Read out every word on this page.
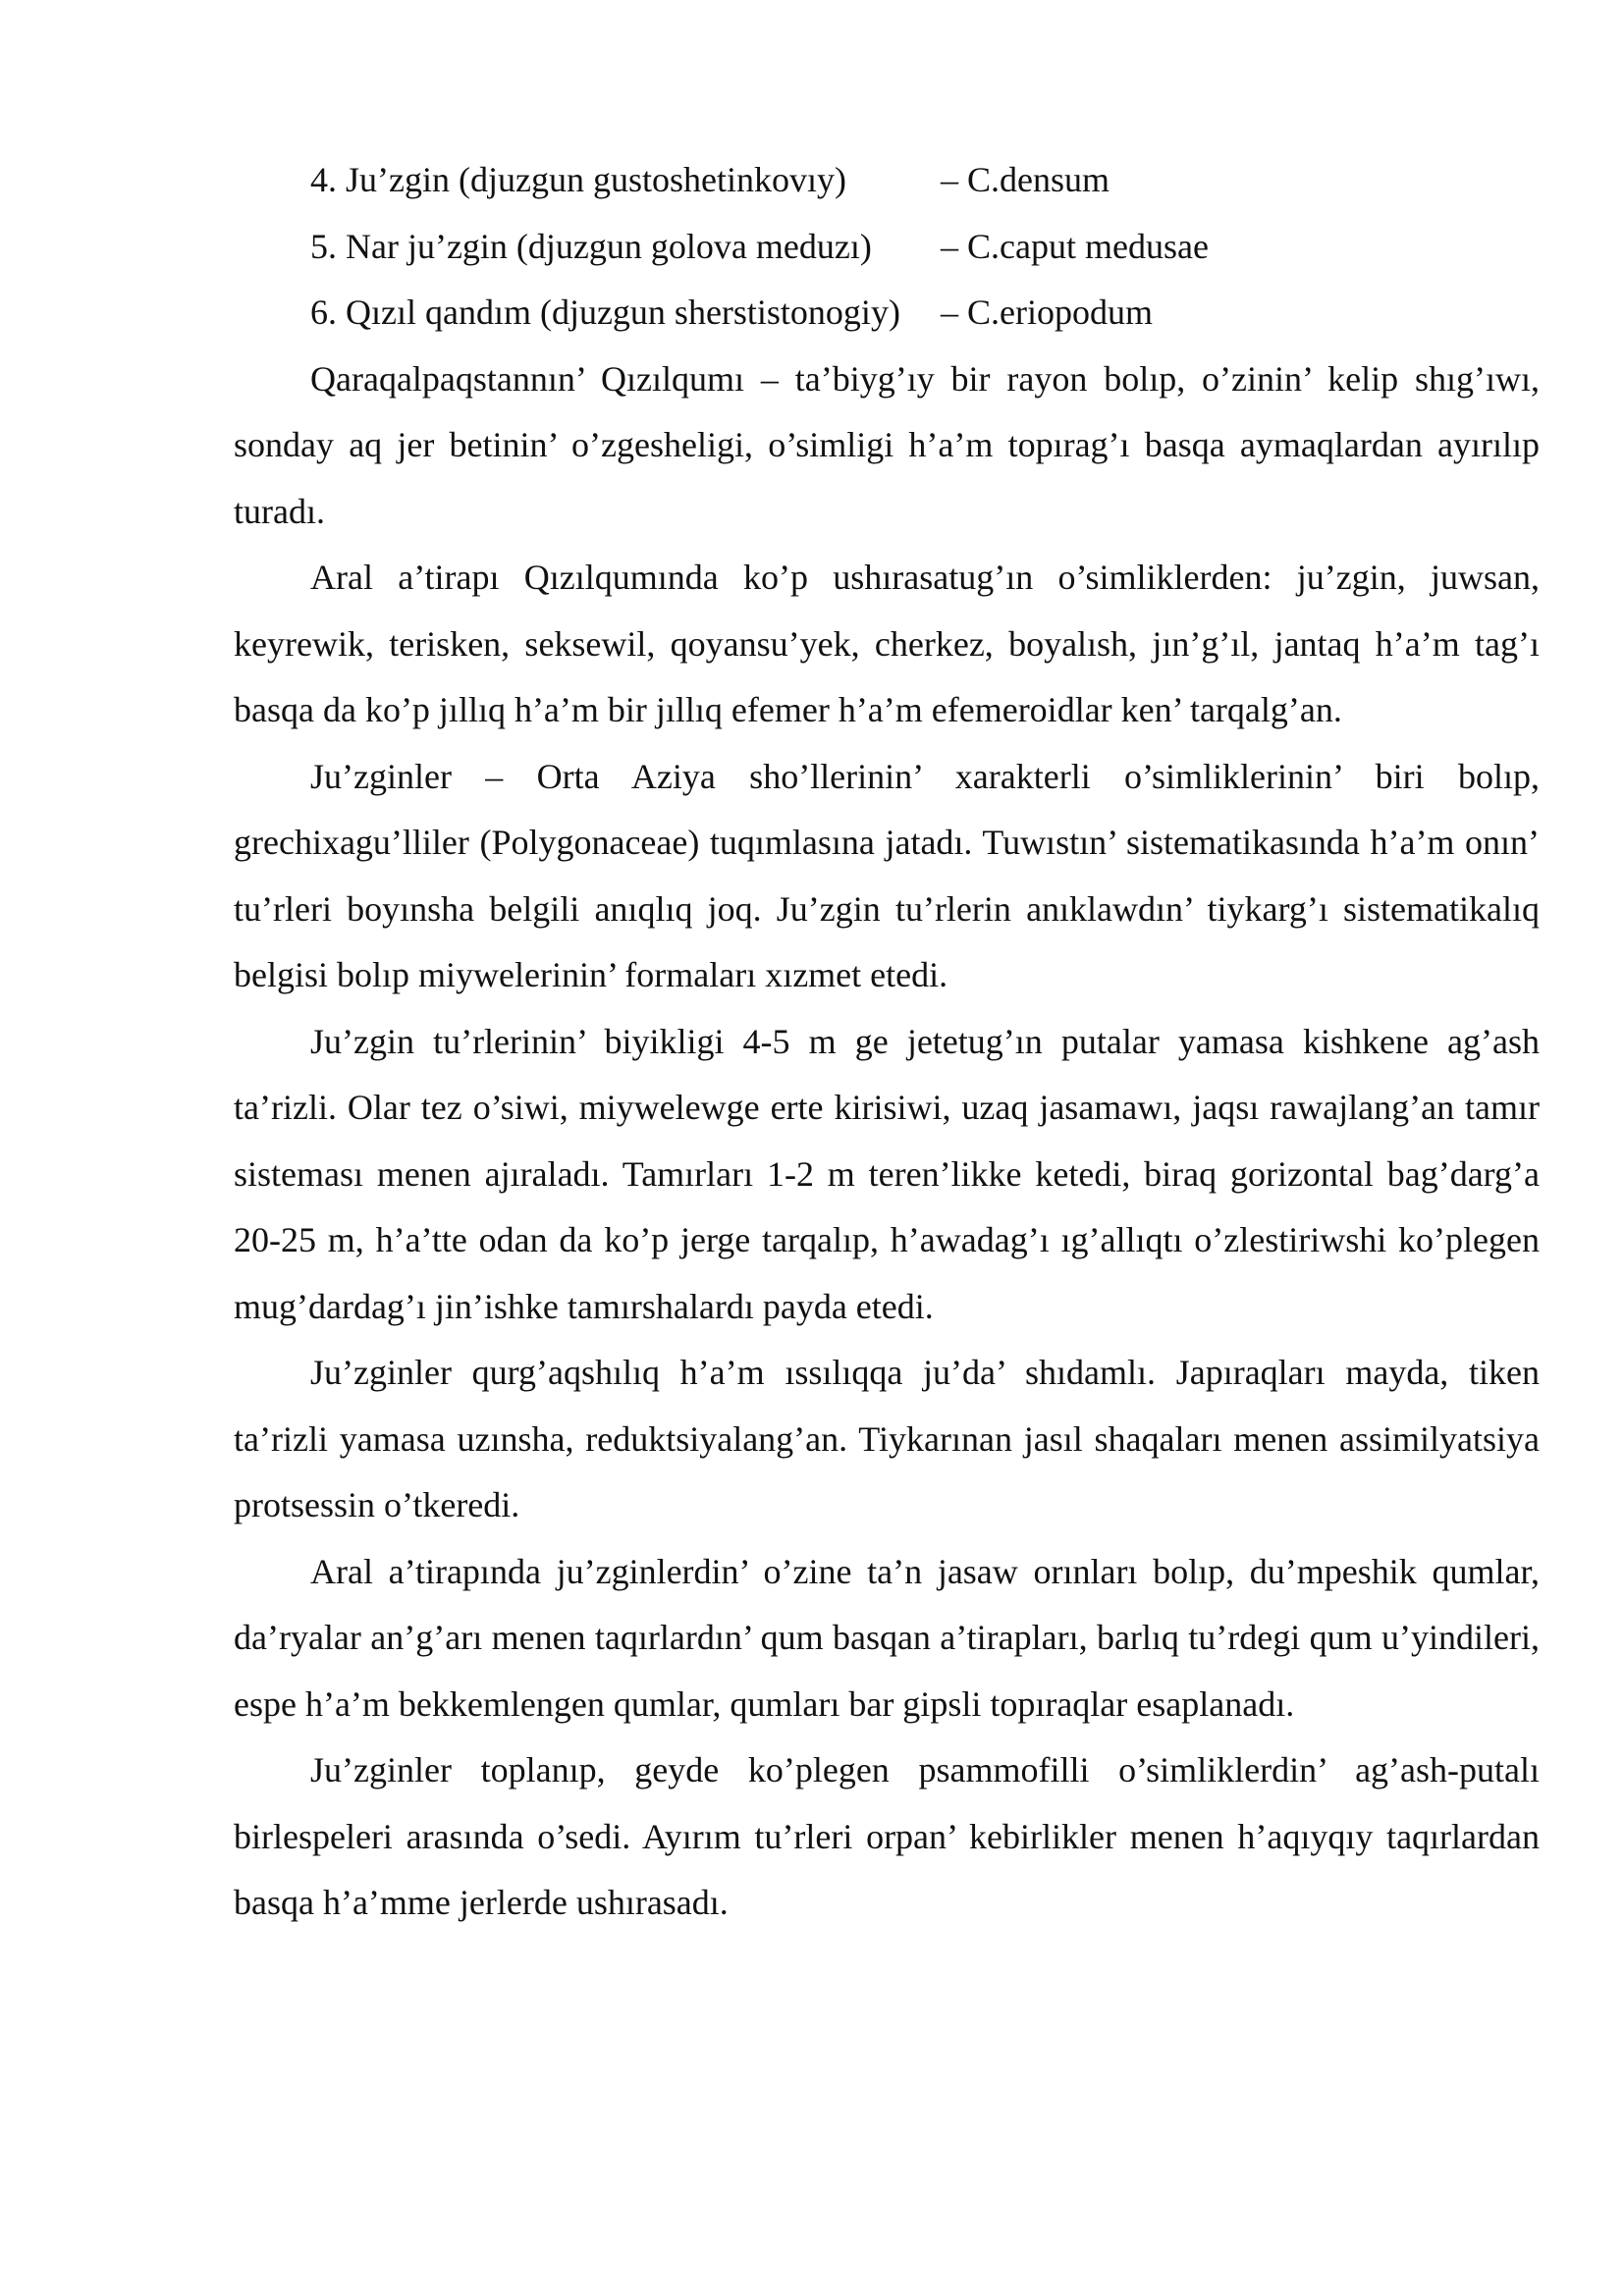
4. Ju’zgin (djuzgun gustoshetinkovıy)	– C.densum
5. Nar ju’zgin (djuzgun golova meduzı)	– C.caput medusae
6. Qızıl qandım (djuzgun sherstistonogiy)	– C.eriopodum

Qaraqalpaqstannın’ Qızılqumı – ta’biyg’ıy bir rayon bolıp, o’zinin’ kelip shıg’ıwı, sonday aq jer betinin’ o’zgesheligi, o’simligi h’a’m topırag’ı basqa aymaqlardan ayırılıp turadı.

Aral a’tirapı Qızılqumında ko’p ushırasatug’ın o’simliklerden: ju’zgin, juwsan, keyrewik, terisken, seksewil, qoyansu’yek, cherkez, boyalısh, jın’g’ıl, jantaq h’a’m tag’ı basqa da ko’p jıllıq h’a’m bir jıllıq efemer h’a’m efemeroidlar ken’ tarqalg’an.

Ju’zginler – Orta Aziya sho’llerinin’ xarakterli o’simliklerinin’ biri bolıp, grechixagu’lliler (Polygonaceae) tuqımlasına jatadı. Tuwıstın’ sistematikasında h’a’m onın’ tu’rleri boyınsha belgili anıqlıq joq. Ju’zgin tu’rlerin anıklawdın’ tiykarg’ı sistematikalıq belgisi bolıp miywelerinin’ formaları xızmet etedi.

Ju’zgin tu’rlerinin’ biyikligi 4-5 m ge jetetug’ın putalar yamasa kishkene ag’ash ta’rizli. Olar tez o’siwi, miywelewge erte kirisiwi, uzaq jasamawı, jaqsı rawajlang’an tamır sisteması menen ajıraladı. Tamırları 1-2 m teren’likke ketedi, biraq gorizontal bag’darg’a 20-25 m, h’a’tte odan da ko’p jerge tarqalıp, h’awadag’ı ıg’allıqtı o’zlestiriwshi ko’plegen mug’dardag’ı jin’ishke tamırshalardı payda etedi.

Ju’zginler qurg’aqshılıq h’a’m ıssılıqqa ju’da’ shıdamlı. Japıraqları mayda, tiken ta’rizli yamasa uzınsha, reduktsiyalang’an. Tiykarınan jasıl shaqaları menen assimilyatsiya protsessin o’tkeredi.

Aral a’tirapında ju’zginlerdin’ o’zine ta’n jasaw orınları bolıp, du’mpeshik qumlar, da’ryalar an’g’arı menen taqırlardın’ qum basqan a’tirapları, barlıq tu’rdegi qum u’yindileri, espe h’a’m bekkemlengen qumlar, qumları bar gipsli topıraqlar esaplanadı.

Ju’zginler toplanıp, geyde ko’plegen psammofilli o’simliklerdin’ ag’ash-putalı birlespeleri arasında o’sedi. Ayırım tu’rleri orpan’ kebirlikler menen h’aqıyqıy taqırlardan basqa h’a’mme jerlerde ushırasadı.
